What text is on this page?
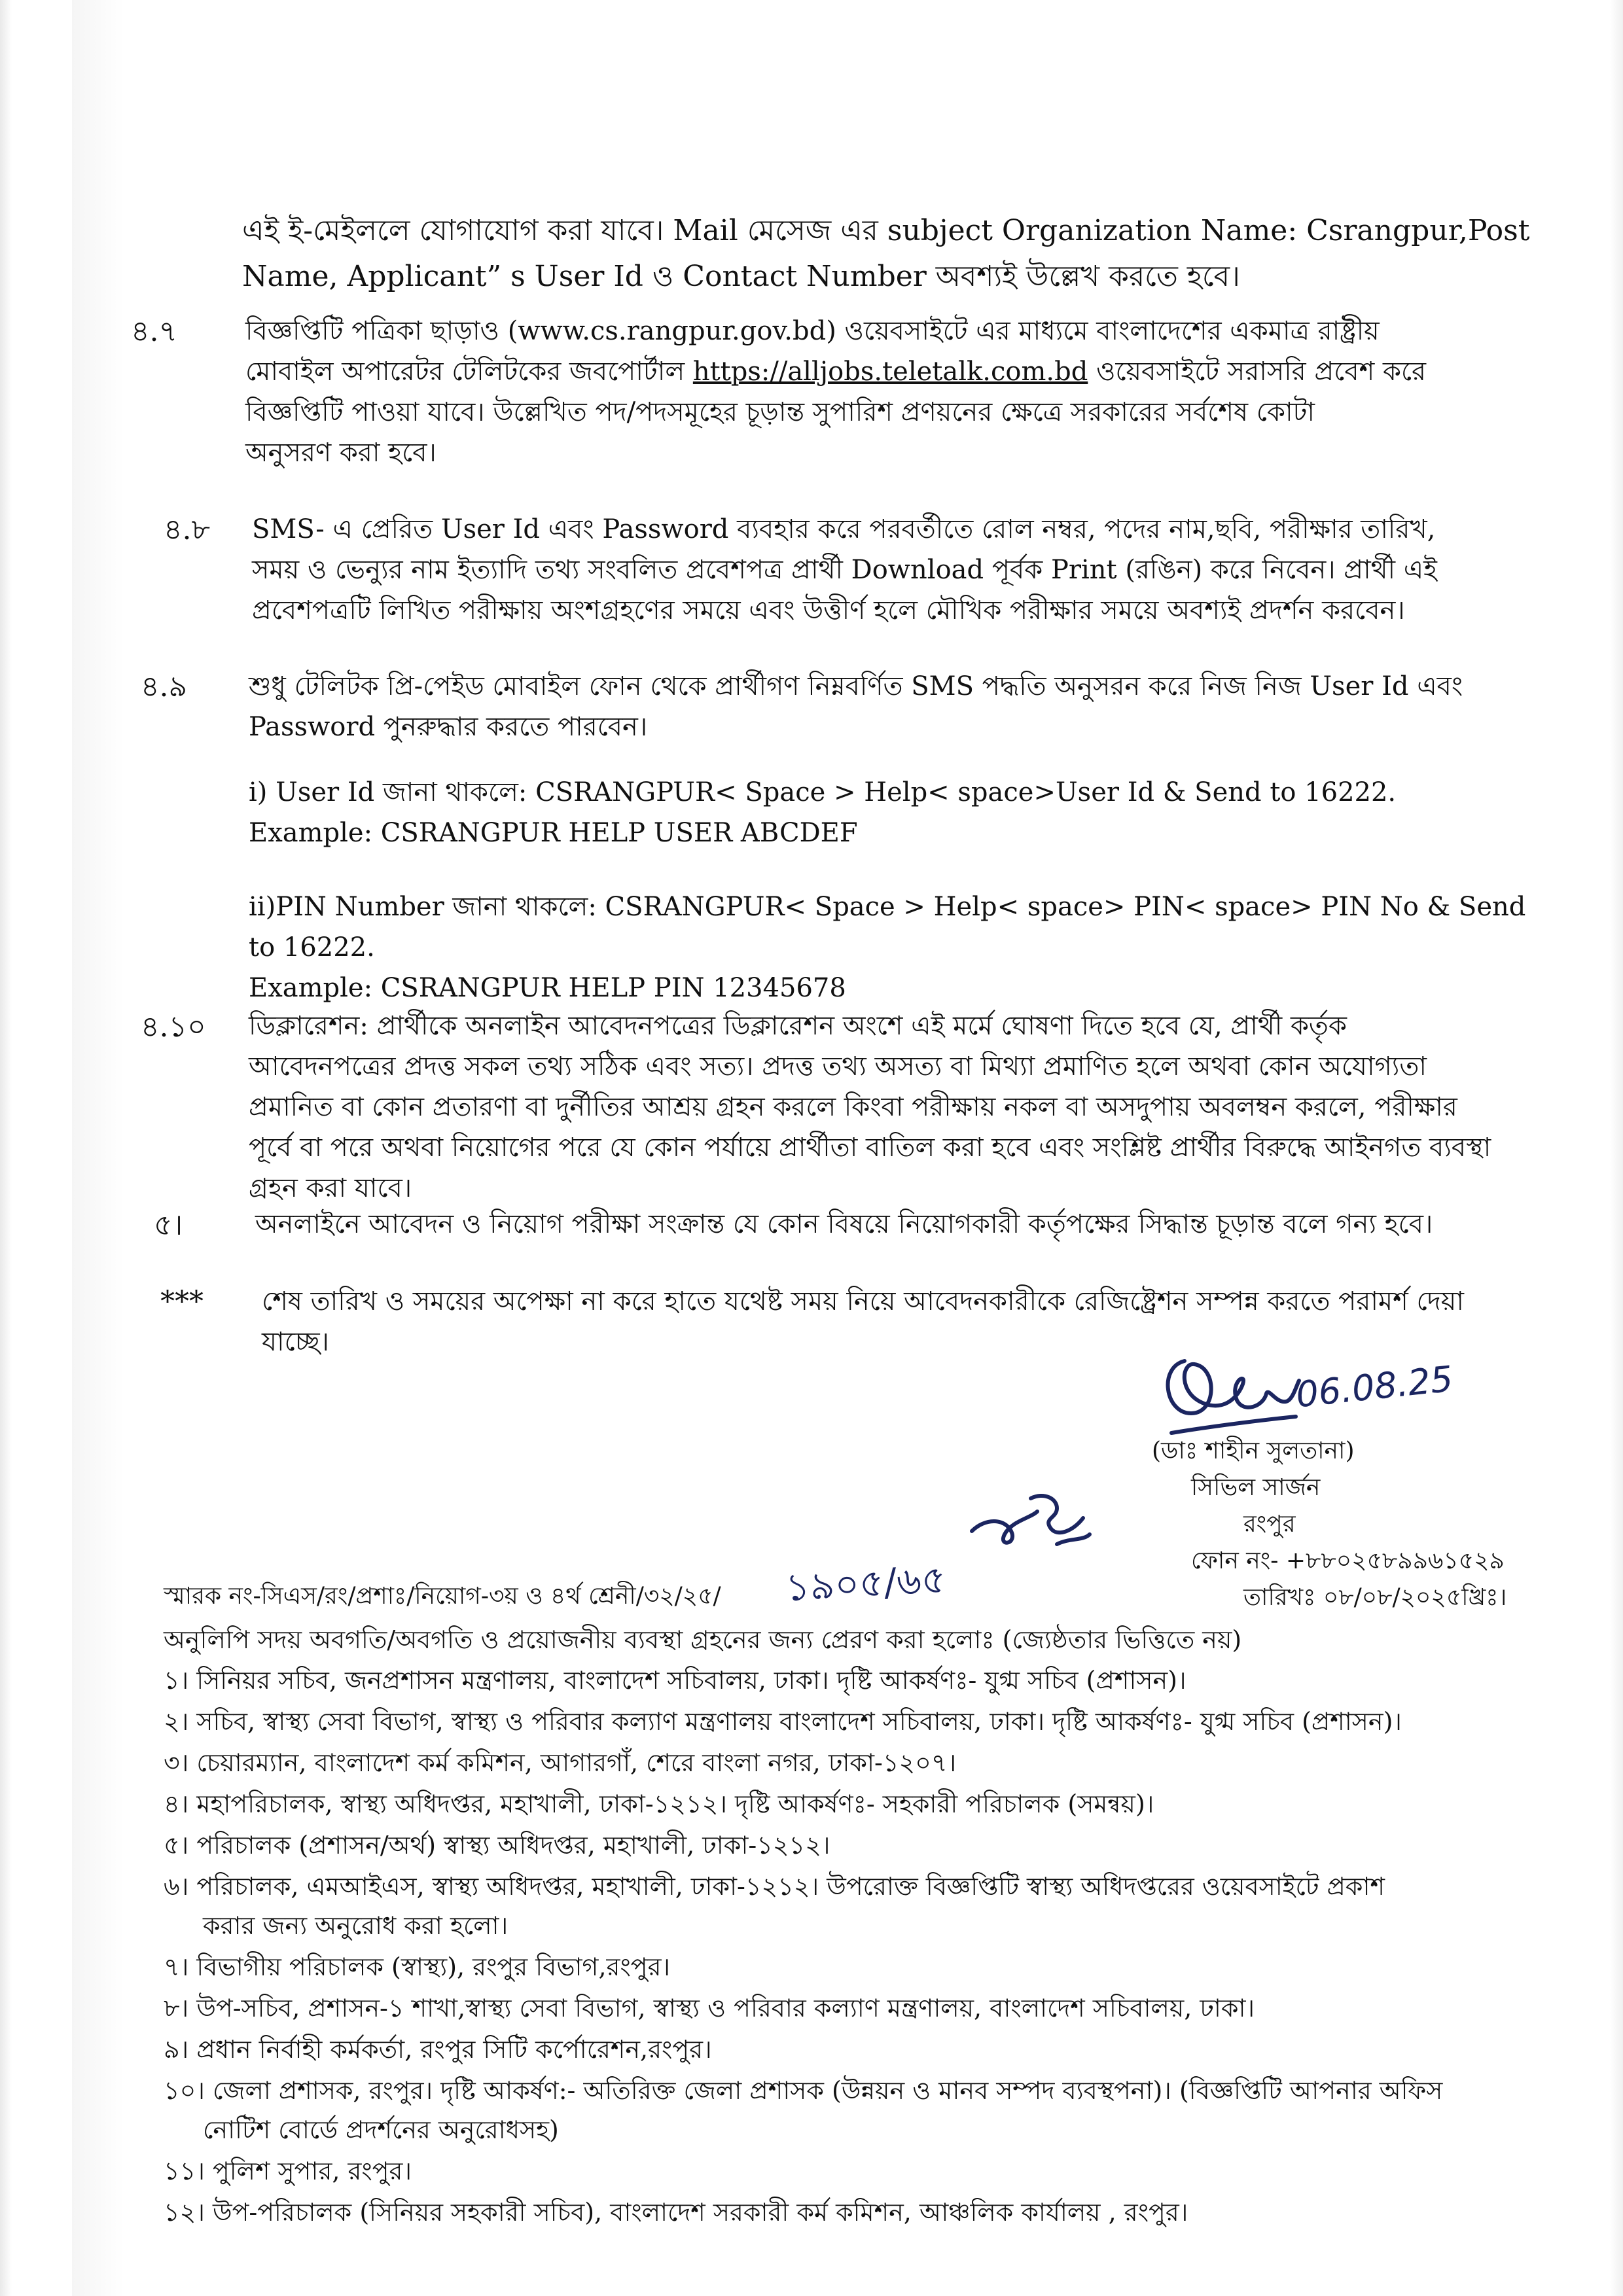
এই ই-মেইললে যোগাযোগ করা যাবে। Mail মেসেজ এর subject Organization Name: Csrangpur,Post
Name, Applicant” s User Id ও Contact Number অবশ্যই উল্লেখ করতে হবে।
৪.৭	বিজ্ঞপ্তিটি পত্রিকা ছাড়াও (www.cs.rangpur.gov.bd) ওয়েবসাইটে এর মাধ্যমে বাংলাদেশের একমাত্র রাষ্ট্রীয়
মোবাইল অপারেটর টেলিটকের জবপোর্টাল https://alljobs.teletalk.com.bd ওয়েবসাইটে সরাসরি প্রবেশ করে
বিজ্ঞপ্তিটি পাওয়া যাবে। উল্লেখিত পদ/পদসমূহের চূড়ান্ত সুপারিশ প্রণয়নের ক্ষেত্রে সরকারের সর্বশেষ কোটা
অনুসরণ করা হবে।
৪.৮ SMS- এ প্রেরিত User Id এবং Password ব্যবহার করে পরবর্তীতে রোল নম্বর, পদের নাম,ছবি, পরীক্ষার তারিখ,
সময় ও ভেন্যুর নাম ইত্যাদি তথ্য সংবলিত প্রবেশপত্র প্রার্থী Download পূর্বক Print (রঙিন) করে নিবেন। প্রার্থী এই
প্রবেশপত্রটি লিখিত পরীক্ষায় অংশগ্রহণের সময়ে এবং উত্তীর্ণ হলে মৌখিক পরীক্ষার সময়ে অবশ্যই প্রদর্শন করবেন।
৪.৯ শুধু টেলিটক প্রি-পেইড মোবাইল ফোন থেকে প্রার্থীগণ নিম্নবর্ণিত SMS পদ্ধতি অনুসরন করে নিজ নিজ User Id এবং
Password পুনরুদ্ধার করতে পারবেন।
i) User Id জানা থাকলে: CSRANGPUR< Space > Help< space>User Id & Send to 16222.
Example: CSRANGPUR HELP USER ABCDEF
ii)PIN Number জানা থাকলে: CSRANGPUR< Space > Help< space> PIN< space> PIN No & Send
to 16222.
Example: CSRANGPUR HELP PIN 12345678
৪.১০ ডিক্লারেশন: প্রার্থীকে অনলাইন আবেদনপত্রের ডিক্লারেশন অংশে এই মর্মে ঘোষণা দিতে হবে যে, প্রার্থী কর্তৃক
আবেদনপত্রের প্রদত্ত সকল তথ্য সঠিক এবং সত্য। প্রদত্ত তথ্য অসত্য বা মিথ্যা প্রমাণিত হলে অথবা কোন অযোগ্যতা
প্রমানিত বা কোন প্রতারণা বা দুর্নীতির আশ্রয় গ্রহন করলে কিংবা পরীক্ষায় নকল বা অসদুপায় অবলম্বন করলে, পরীক্ষার
পূর্বে বা পরে অথবা নিয়োগের পরে যে কোন পর্যায়ে প্রার্থীতা বাতিল করা হবে এবং সংশ্লিষ্ট প্রার্থীর বিরুদ্ধে আইনগত ব্যবস্থা
গ্রহন করা যাবে।
৫।	অনলাইনে আবেদন ও নিয়োগ পরীক্ষা সংক্রান্ত যে কোন বিষয়ে নিয়োগকারী কর্তৃপক্ষের সিদ্ধান্ত চূড়ান্ত বলে গন্য হবে।
*** শেষ তারিখ ও সময়ের অপেক্ষা না করে হাতে যথেষ্ট সময় নিয়ে আবেদনকারীকে রেজিষ্ট্রেশন সম্পন্ন করতে পরামর্শ দেয়া
যাচ্ছে।
06.08.25
(ডাঃ শাহীন সুলতানা)
সিভিল সার্জন
রংপুর
ফোন নং- +৮৮০২৫৮৯৯৬১৫২৯
তারিখঃ ০৮/০৮/২০২৫খ্রিঃ।
স্মারক নং-সিএস/রং/প্রশাঃ/নিয়োগ-৩য় ও ৪র্থ শ্রেনী/৩২/২৫/ ১৯০৫/৬৫
অনুলিপি সদয় অবগতি/অবগতি ও প্রয়োজনীয় ব্যবস্থা গ্রহনের জন্য প্রেরণ করা হলোঃ (জ্যেষ্ঠতার ভিত্তিতে নয়)
১। সিনিয়র সচিব, জনপ্রশাসন মন্ত্রণালয়, বাংলাদেশ সচিবালয়, ঢাকা। দৃষ্টি আকর্ষণঃ- যুগ্ম সচিব (প্রশাসন)।
২। সচিব, স্বাস্থ্য সেবা বিভাগ, স্বাস্থ্য ও পরিবার কল্যাণ মন্ত্রণালয় বাংলাদেশ সচিবালয়, ঢাকা। দৃষ্টি আকর্ষণঃ- যুগ্ম সচিব (প্রশাসন)।
৩। চেয়ারম্যান, বাংলাদেশ কর্ম কমিশন, আগারগাঁ, শেরে বাংলা নগর, ঢাকা-১২০৭।
৪। মহাপরিচালক, স্বাস্থ্য অধিদপ্তর, মহাখালী, ঢাকা-১২১২। দৃষ্টি আকর্ষণঃ- সহকারী পরিচালক (সমন্বয়)।
৫। পরিচালক (প্রশাসন/অর্থ) স্বাস্থ্য অধিদপ্তর, মহাখালী, ঢাকা-১২১২।
৬। পরিচালক, এমআইএস, স্বাস্থ্য অধিদপ্তর, মহাখালী, ঢাকা-১২১২। উপরোক্ত বিজ্ঞপ্তিটি স্বাস্থ্য অধিদপ্তরের ওয়েবসাইটে প্রকাশ
করার জন্য অনুরোধ করা হলো।
৭। বিভাগীয় পরিচালক (স্বাস্থ্য), রংপুর বিভাগ,রংপুর।
৮। উপ-সচিব, প্রশাসন-১ শাখা,স্বাস্থ্য সেবা বিভাগ, স্বাস্থ্য ও পরিবার কল্যাণ মন্ত্রণালয়, বাংলাদেশ সচিবালয়, ঢাকা।
৯। প্রধান নির্বাহী কর্মকর্তা, রংপুর সিটি কর্পোরেশন,রংপুর।
১০। জেলা প্রশাসক, রংপুর। দৃষ্টি আকর্ষণ:- অতিরিক্ত জেলা প্রশাসক (উন্নয়ন ও মানব সম্পদ ব্যবস্থপনা)। (বিজ্ঞপ্তিটি আপনার অফিস
নোটিশ বোর্ডে প্রদর্শনের অনুরোধসহ)
১১। পুলিশ সুপার, রংপুর।
১২। উপ-পরিচালক (সিনিয়র সহকারী সচিব), বাংলাদেশ সরকারী কর্ম কমিশন, আঞ্চলিক কার্যালয় , রংপুর।
